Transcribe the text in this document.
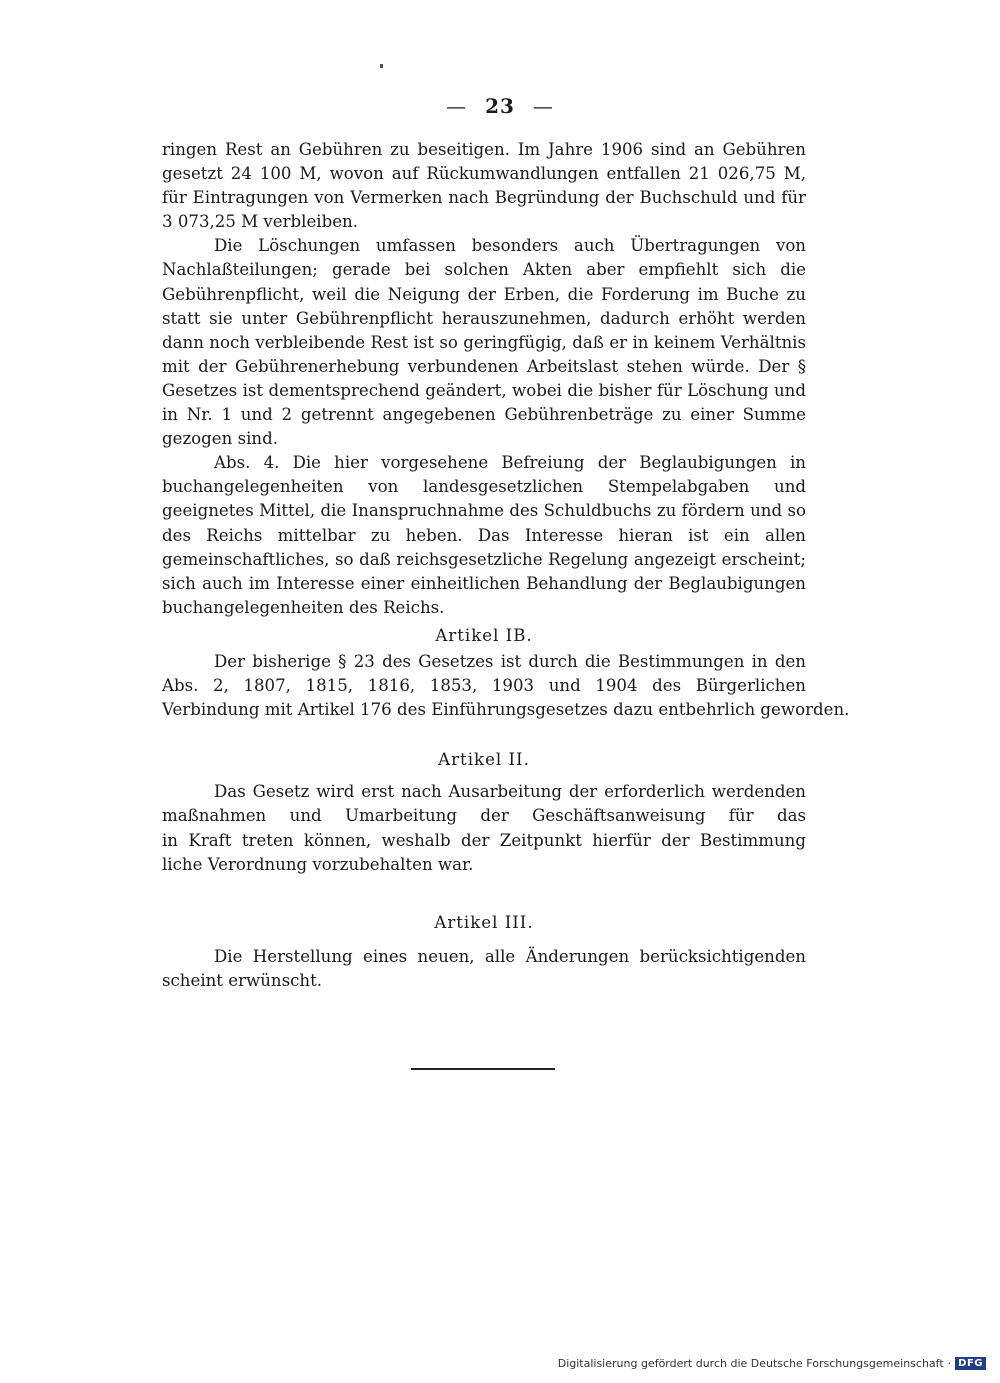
— 23 —
ringen Rest an Gebühren zu beseitigen. Im Jahre 1906 sind an Gebühren
gesetzt 24 100 M, wovon auf Rückumwandlungen entfallen 21 026,75 M,
für Eintragungen von Vermerken nach Begründung der Buchschuld und für
3 073,25 M verbleiben.
Die Löschungen umfassen besonders auch Übertragungen von
Nachlaßteilungen; gerade bei solchen Akten aber empfiehlt sich die
Gebührenpflicht, weil die Neigung der Erben, die Forderung im Buche zu
statt sie unter Gebührenpflicht herauszunehmen, dadurch erhöht werden
dann noch verbleibende Rest ist so geringfügig, daß er in keinem Verhältnis
mit der Gebührenerhebung verbundenen Arbeitslast stehen würde. Der §
Gesetzes ist dementsprechend geändert, wobei die bisher für Löschung und
in Nr. 1 und 2 getrennt angegebenen Gebührenbeträge zu einer Summe
gezogen sind.
Abs. 4. Die hier vorgesehene Befreiung der Beglaubigungen in
buchangelegenheiten von landesgesetzlichen Stempelabgaben und
geeignetes Mittel, die Inanspruchnahme des Schuldbuchs zu fördern und so
des Reichs mittelbar zu heben. Das Interesse hieran ist ein allen
gemeinschaftliches, so daß reichsgesetzliche Regelung angezeigt erscheint;
sich auch im Interesse einer einheitlichen Behandlung der Beglaubigungen
buchangelegenheiten des Reichs.
Artikel IB.
Der bisherige § 23 des Gesetzes ist durch die Bestimmungen in den
Abs. 2, 1807, 1815, 1816, 1853, 1903 und 1904 des Bürgerlichen
Verbindung mit Artikel 176 des Einführungsgesetzes dazu entbehrlich geworden.
Artikel II.
Das Gesetz wird erst nach Ausarbeitung der erforderlich werdenden
maßnahmen und Umarbeitung der Geschäftsanweisung für das
in Kraft treten können, weshalb der Zeitpunkt hierfür der Bestimmung
liche Verordnung vorzubehalten war.
Artikel III.
Die Herstellung eines neuen, alle Änderungen berücksichtigenden
scheint erwünscht.
Digitalisierung gefördert durch die Deutsche Forschungsgemeinschaft · DFG
